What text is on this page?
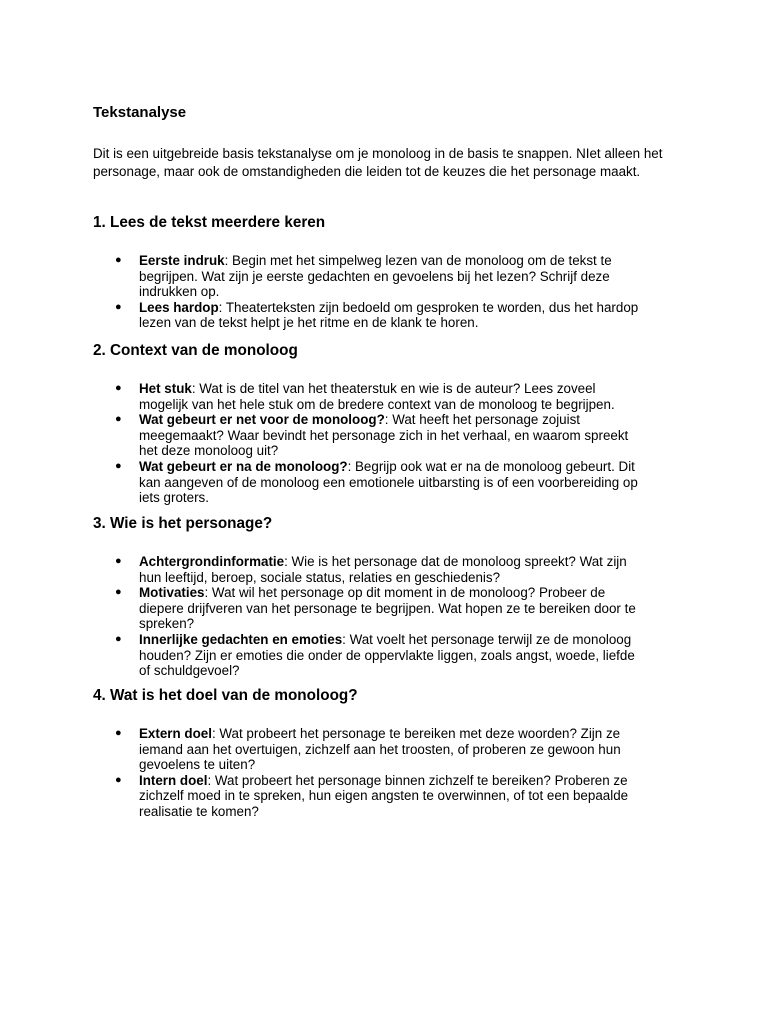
Tekstanalyse

Dit is een uitgebreide basis tekstanalyse om je monoloog in de basis te snappen. NIet alleen het personage, maar ook de omstandigheden die leiden tot de keuzes die het personage maakt.

1. Lees de tekst meerdere keren
● Eerste indruk: Begin met het simpelweg lezen van de monoloog om de tekst te begrijpen. Wat zijn je eerste gedachten en gevoelens bij het lezen? Schrijf deze indrukken op.
● Lees hardop: Theaterteksten zijn bedoeld om gesproken te worden, dus het hardop lezen van de tekst helpt je het ritme en de klank te horen.
2. Context van de monoloog
● Het stuk: Wat is de titel van het theaterstuk en wie is de auteur? Lees zoveel mogelijk van het hele stuk om de bredere context van de monoloog te begrijpen.
● Wat gebeurt er net voor de monoloog?: Wat heeft het personage zojuist meegemaakt? Waar bevindt het personage zich in het verhaal, en waarom spreekt het deze monoloog uit?
● Wat gebeurt er na de monoloog?: Begrijp ook wat er na de monoloog gebeurt. Dit kan aangeven of de monoloog een emotionele uitbarsting is of een voorbereiding op iets groters.
3. Wie is het personage?
● Achtergrondinformatie: Wie is het personage dat de monoloog spreekt? Wat zijn hun leeftijd, beroep, sociale status, relaties en geschiedenis?
● Motivaties: Wat wil het personage op dit moment in de monoloog? Probeer de diepere drijfveren van het personage te begrijpen. Wat hopen ze te bereiken door te spreken?
● Innerlijke gedachten en emoties: Wat voelt het personage terwijl ze de monoloog houden? Zijn er emoties die onder de oppervlakte liggen, zoals angst, woede, liefde of schuldgevoel?
4. Wat is het doel van de monoloog?
● Extern doel: Wat probeert het personage te bereiken met deze woorden? Zijn ze iemand aan het overtuigen, zichzelf aan het troosten, of proberen ze gewoon hun gevoelens te uiten?
● Intern doel: Wat probeert het personage binnen zichzelf te bereiken? Proberen ze zichzelf moed in te spreken, hun eigen angsten te overwinnen, of tot een bepaalde realisatie te komen?
